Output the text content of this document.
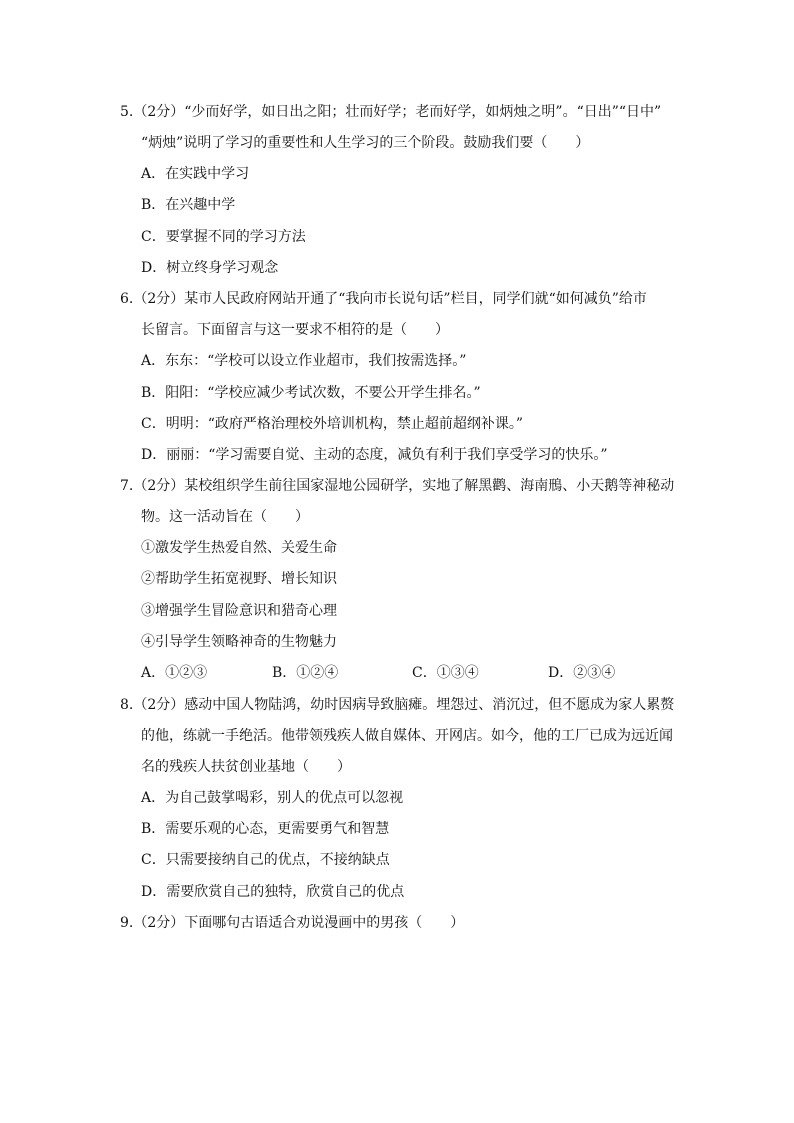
5.（2分）“少而好学，如日出之阳；壮而好学；老而好学，如炳烛之明”。“日出”“日中”
“炳烛”说明了学习的重要性和人生学习的三个阶段。鼓励我们要（　　）
A．在实践中学习
B．在兴趣中学
C．要掌握不同的学习方法
D．树立终身学习观念
6.（2分）某市人民政府网站开通了“我向市长说句话”栏目，同学们就“如何减负”给市
长留言。下面留言与这一要求不相符的是（　　）
A．东东：“学校可以设立作业超市，我们按需选择。”
B．阳阳：“学校应减少考试次数，不要公开学生排名。”
C．明明：“政府严格治理校外培训机构，禁止超前超纲补课。”
D．丽丽：“学习需要自觉、主动的态度，减负有利于我们享受学习的快乐。”
7.（2分）某校组织学生前往国家湿地公园研学，实地了解黑鹳、海南鳽、小天鹅等神秘动
物。这一活动旨在（　　）
①激发学生热爱自然、关爱生命
②帮助学生拓宽视野、增长知识
③增强学生冒险意识和猎奇心理
④引导学生领略神奇的生物魅力
A．①②③	B．①②④	C．①③④	D．②③④
8.（2分）感动中国人物陆鸿，幼时因病导致脑瘫。埋怨过、消沉过，但不愿成为家人累赘
的他，练就一手绝活。他带领残疾人做自媒体、开网店。如今，他的工厂已成为远近闻
名的残疾人扶贫创业基地（　　）
A．为自己鼓掌喝彩，别人的优点可以忽视
B．需要乐观的心态，更需要勇气和智慧
C．只需要接纳自己的优点，不接纳缺点
D．需要欣赏自己的独特，欣赏自己的优点
9.（2分）下面哪句古语适合劝说漫画中的男孩（　　）
